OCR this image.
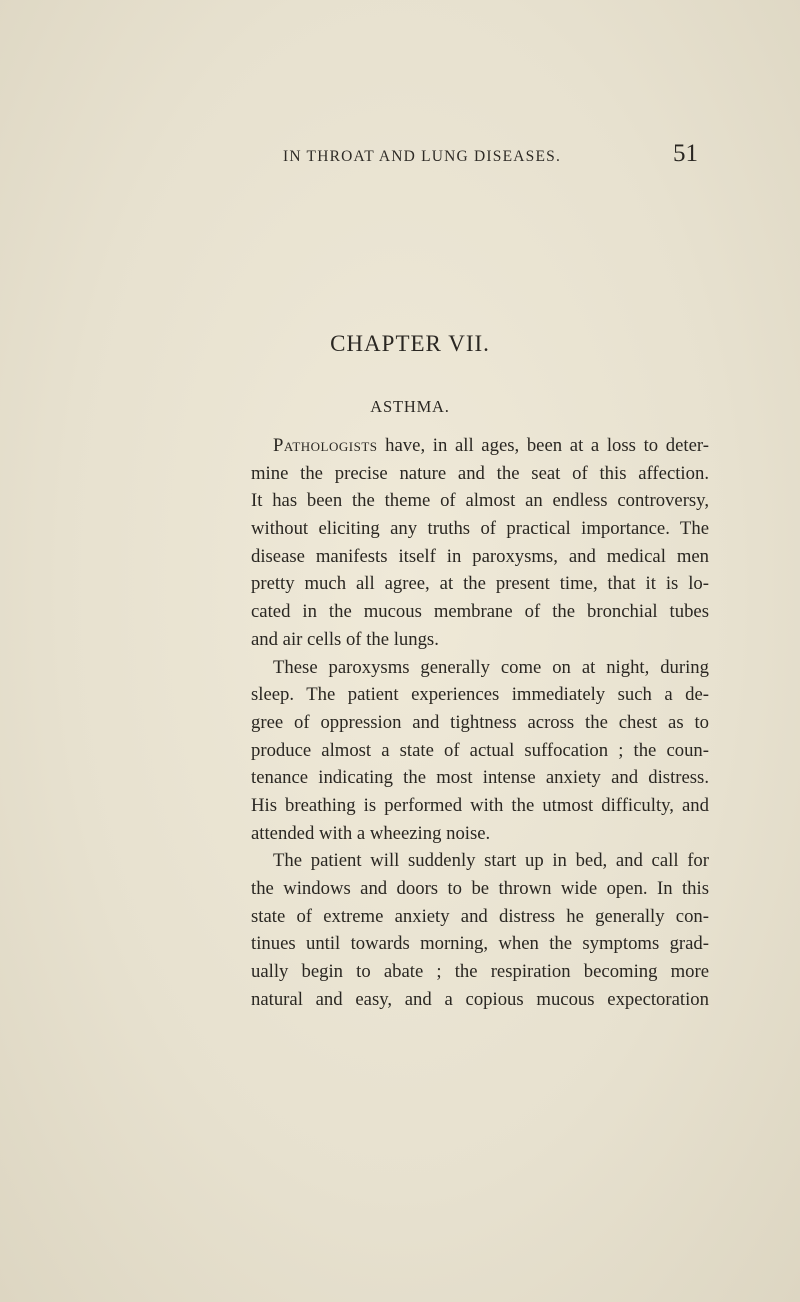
IN THROAT AND LUNG DISEASES.	51
CHAPTER VII.
ASTHMA.
Pathologists have, in all ages, been at a loss to deter-
mine the precise nature and the seat of this affection.
It has been the theme of almost an endless controversy,
without eliciting any truths of practical importance. The
disease manifests itself in paroxysms, and medical men
pretty much all agree, at the present time, that it is lo-
cated in the mucous membrane of the bronchial tubes
and air cells of the lungs.
These paroxysms generally come on at night, during
sleep. The patient experiences immediately such a de-
gree of oppression and tightness across the chest as to
produce almost a state of actual suffocation ; the coun-
tenance indicating the most intense anxiety and distress.
His breathing is performed with the utmost difficulty, and
attended with a wheezing noise.
The patient will suddenly start up in bed, and call for
the windows and doors to be thrown wide open. In this
state of extreme anxiety and distress he generally con-
tinues until towards morning, when the symptoms grad-
ually begin to abate ; the respiration becoming more
natural and easy, and a copious mucous expectoration
